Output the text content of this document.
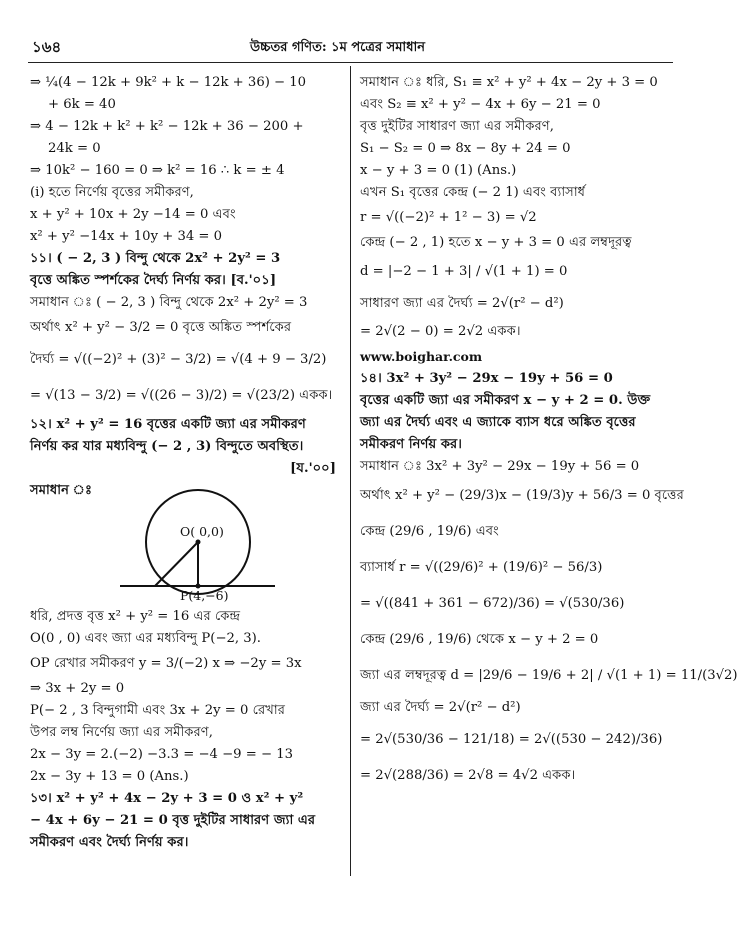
১৬৪	উচ্চতর গণিত: ১ম পত্রের সমাধান
⇒ ¼(4 − 12k + 9k² + k − 12k + 36) − 10
+ 6k = 40
⇒ 4 − 12k + k² + k² − 12k + 36 − 200 +
24k = 0
⇒ 10k² − 160 = 0 ⇒ k² = 16 ∴ k = ± 4
(i) হতে নির্ণেয় বৃত্তের সমীকরণ,
x + y² + 10x + 2y −14 = 0 এবং
x² + y² −14x + 10y + 34 = 0
১১। ( − 2, 3 ) বিন্দু থেকে 2x² + 2y² = 3
বৃত্তে অঙ্কিত স্পর্শকের দৈর্ঘ্য নির্ণয় কর। [ব.'০১]
সমাধান ঃ ( − 2, 3 ) বিন্দু থেকে 2x² + 2y² = 3
অর্থাৎ x² + y² − 3/2 = 0 বৃত্তে অঙ্কিত স্পর্শকের
দৈর্ঘ্য = √((−2)² + (3)² − 3/2) = √(4 + 9 − 3/2)
= √(13 − 3/2) = √((26 − 3)/2) = √(23/2) একক।
১২। x² + y² = 16 বৃত্তের একটি জ্যা এর সমীকরণ
নির্ণয় কর যার মধ্যবিন্দু (− 2 , 3) বিন্দুতে অবস্থিত।
[য.'০০]
সমাধান ঃ
O( 0,0)
P(4,−6)
ধরি, প্রদত্ত বৃত্ত x² + y² = 16 এর কেন্দ্র
O(0 , 0) এবং জ্যা এর মধ্যবিন্দু P(−2, 3).
OP রেখার সমীকরণ y = 3/(−2) x ⇒ −2y = 3x
⇒ 3x + 2y = 0
P(− 2 , 3 বিন্দুগামী এবং 3x + 2y = 0 রেখার
উপর লম্ব নির্ণেয় জ্যা এর সমীকরণ,
2x − 3y = 2.(−2) −3.3 = −4 −9 = − 13
2x − 3y + 13 = 0 (Ans.)
১৩। x² + y² + 4x − 2y + 3 = 0 ও x² + y²
− 4x + 6y − 21 = 0 বৃত্ত দুইটির সাধারণ জ্যা এর
সমীকরণ এবং দৈর্ঘ্য নির্ণয় কর।
সমাধান ঃ ধরি, S₁ ≡ x² + y² + 4x − 2y + 3 = 0
এবং S₂ ≡ x² + y² − 4x + 6y − 21 = 0
বৃত্ত দুইটির সাধারণ জ্যা এর সমীকরণ,
S₁ − S₂ = 0 ⇒ 8x − 8y + 24 = 0
x − y + 3 = 0 (1) (Ans.)
এখন S₁ বৃত্তের কেন্দ্র (− 2 1) এবং ব্যাসার্ধ
r = √((−2)² + 1² − 3) = √2
কেন্দ্র (− 2 , 1) হতে x − y + 3 = 0 এর লম্বদূরত্ব
d = |−2 − 1 + 3| / √(1 + 1) = 0
সাধারণ জ্যা এর দৈর্ঘ্য = 2√(r² − d²)
= 2√(2 − 0) = 2√2 একক।
www.boighar.com
১৪। 3x² + 3y² − 29x − 19y + 56 = 0
বৃত্তের একটি জ্যা এর সমীকরণ x − y + 2 = 0. উক্ত
জ্যা এর দৈর্ঘ্য এবং এ জ্যাকে ব্যাস ধরে অঙ্কিত বৃত্তের
সমীকরণ নির্ণয় কর।
সমাধান ঃ 3x² + 3y² − 29x − 19y + 56 = 0
অর্থাৎ x² + y² − (29/3)x − (19/3)y + 56/3 = 0 বৃত্তের
কেন্দ্র (29/6 , 19/6) এবং
ব্যাসার্ধ r = √((29/6)² + (19/6)² − 56/3)
= √((841 + 361 − 672)/36) = √(530/36)
কেন্দ্র (29/6 , 19/6) থেকে x − y + 2 = 0
জ্যা এর লম্বদূরত্ব d = |29/6 − 19/6 + 2| / √(1 + 1) = 11/(3√2)
জ্যা এর দৈর্ঘ্য = 2√(r² − d²)
= 2√(530/36 − 121/18) = 2√((530 − 242)/36)
= 2√(288/36) = 2√8 = 4√2 একক।
